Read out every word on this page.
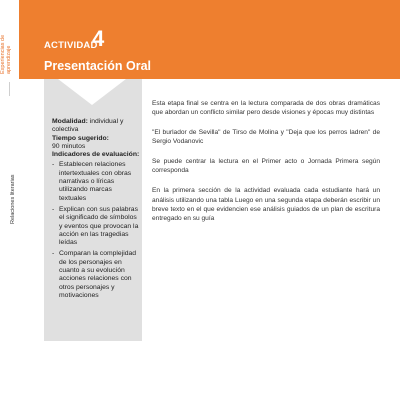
Experiencias de aprendizaje
Relaciones literarias
ACTIVIDAD
4
Presentación Oral

Modalidad: individual y colectiva

Tiempo sugerido:

90 minutos

Indicadores de evaluación:

- Establecen relaciones intertextuales con obras narrativas o líricas utilizando marcas textuales
- Explican con sus palabras el significado de símbolos y eventos que provocan la acción en las tragedias leídas
- Comparan la complejidad de los personajes en cuanto a su evolución acciones relaciones con otros personajes y motivaciones

Esta etapa final se centra en la lectura comparada de dos obras dramáticas que abordan un conflicto similar pero desde visiones y épocas muy distintas

"El burlador de Sevilla" de Tirso de Molina y "Deja que los perros ladren" de Sergio Vodanovic

Se puede centrar la lectura en el Primer acto o Jornada Primera según corresponda

En la primera sección de la actividad evaluada cada estudiante hará un análisis utilizando una tabla Luego en una segunda etapa deberán escribir un breve texto en el que evidencien ese análisis guiados de un plan de escritura entregado en su guía
